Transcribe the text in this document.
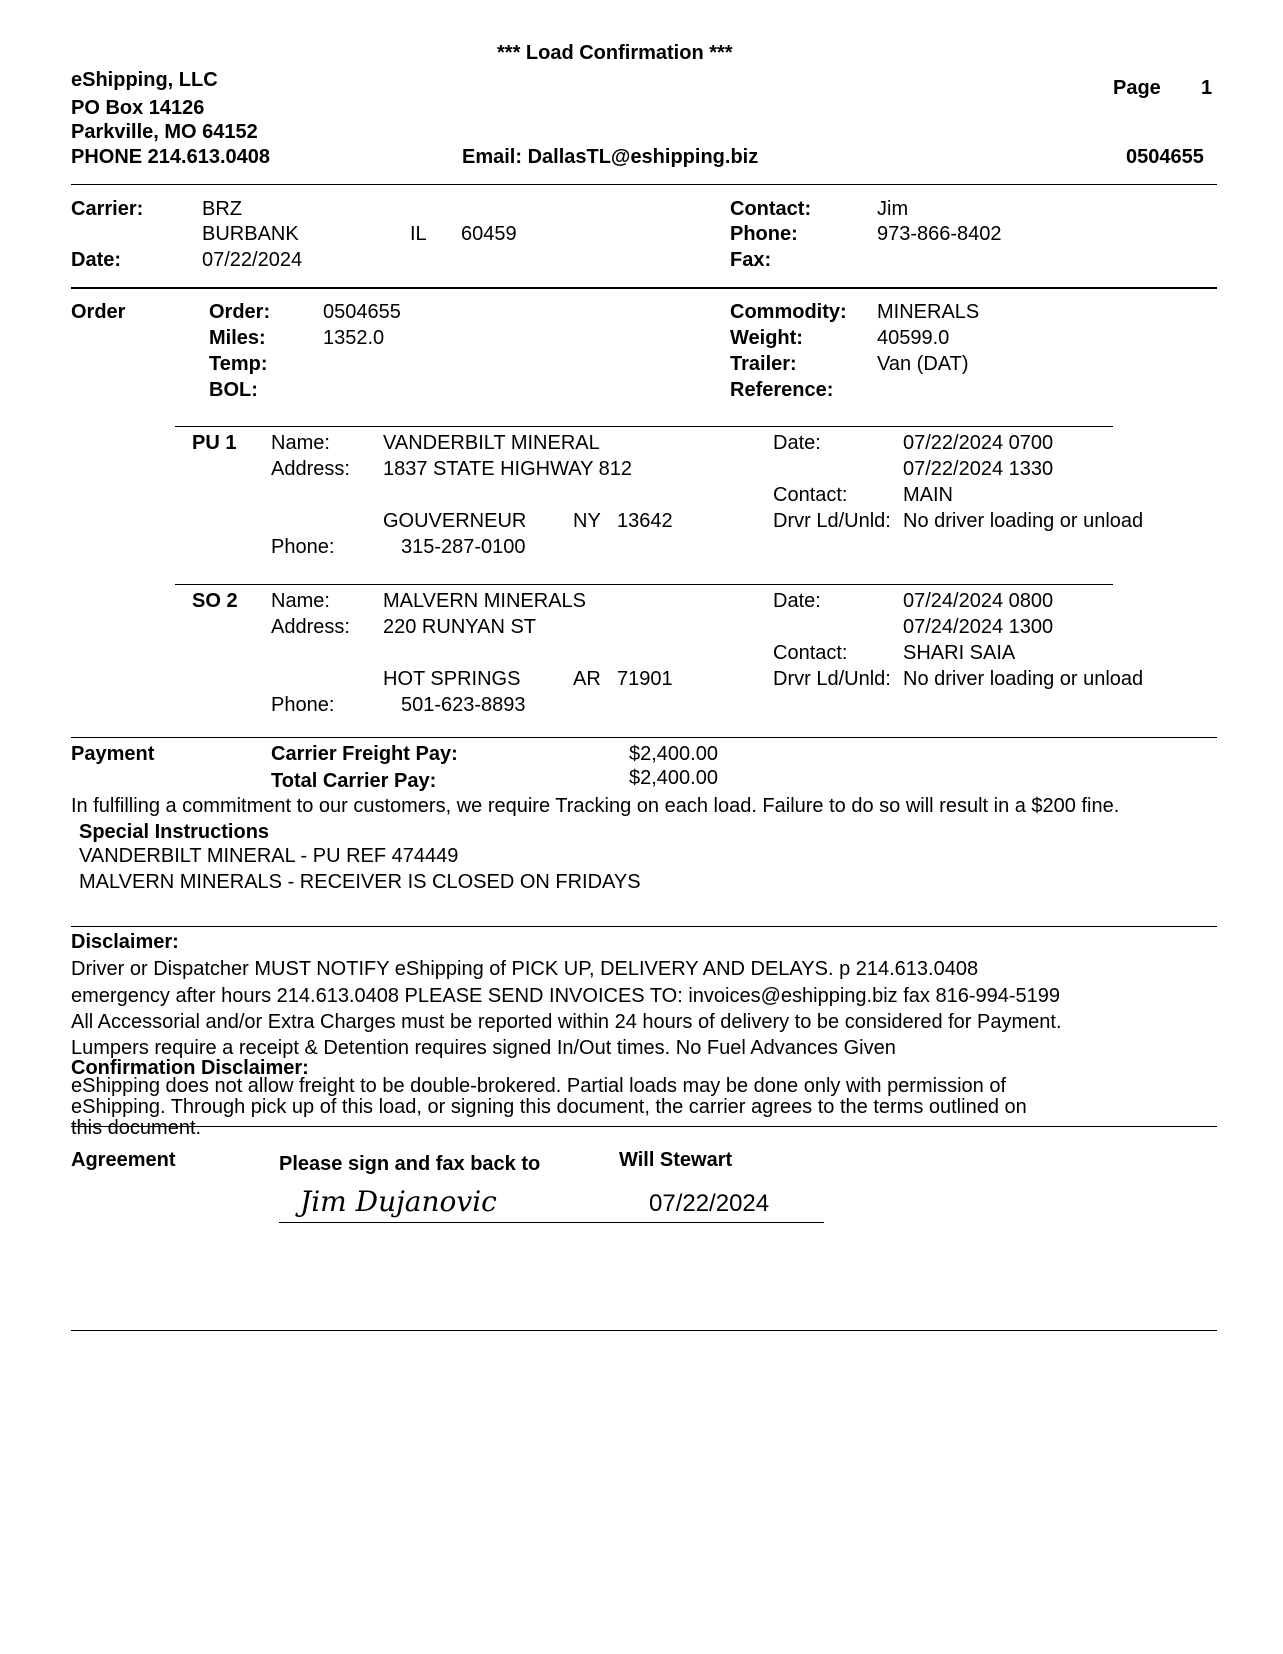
*** Load Confirmation ***
eShipping, LLC
PO Box 14126
Parkville, MO 64152
PHONE 214.613.0408	Email: DallasTL@eshipping.biz
Page 1
0504655
Carrier:	BRZ
BURBANK	IL 60459
Date:	07/22/2024
Contact:	Jim
Phone:	973-866-8402
Fax:
Order	Order:	0504655
Miles:	1352.0
Temp:
BOL:
Commodity: MINERALS
Weight:	40599.0
Trailer:	Van (DAT)
Reference:
PU 1 Name:	VANDERBILT MINERAL
Address: 1837 STATE HIGHWAY 812
GOUVERNEUR NY 13642
Phone:	315-287-0100
Date:	07/22/2024 0700
07/22/2024 1330
Contact:	MAIN
Drvr Ld/Unld: No driver loading or unload
SO 2 Name:	MALVERN MINERALS
Address: 220 RUNYAN ST
HOT SPRINGS	AR 71901
Phone:	501-623-8893
Date:	07/24/2024 0800
07/24/2024 1300
Contact:	SHARI SAIA
Drvr Ld/Unld: No driver loading or unload
Payment	Carrier Freight Pay:	$2,400.00
Total Carrier Pay:	$2,400.00
In fulfilling a commitment to our customers, we require Tracking on each load. Failure to do so will result in a $200 fine.
Special Instructions
VANDERBILT MINERAL - PU REF 474449
MALVERN MINERALS - RECEIVER IS CLOSED ON FRIDAYS
Disclaimer:
Driver or Dispatcher MUST NOTIFY eShipping of PICK UP, DELIVERY AND DELAYS. p 214.613.0408
emergency after hours 214.613.0408 PLEASE SEND INVOICES TO: invoices@eshipping.biz fax 816-994-5199
All Accessorial and/or Extra Charges must be reported within 24 hours of delivery to be considered for Payment.
Lumpers require a receipt & Detention requires signed In/Out times. No Fuel Advances Given
Confirmation Disclaimer:
eShipping does not allow freight to be double-brokered. Partial loads may be done only with permission of
eShipping. Through pick up of this load, or signing this document, the carrier agrees to the terms outlined on
this document.
Agreement	Please sign and fax back to	Will Stewart
Jim Dujanovic	07/22/2024
